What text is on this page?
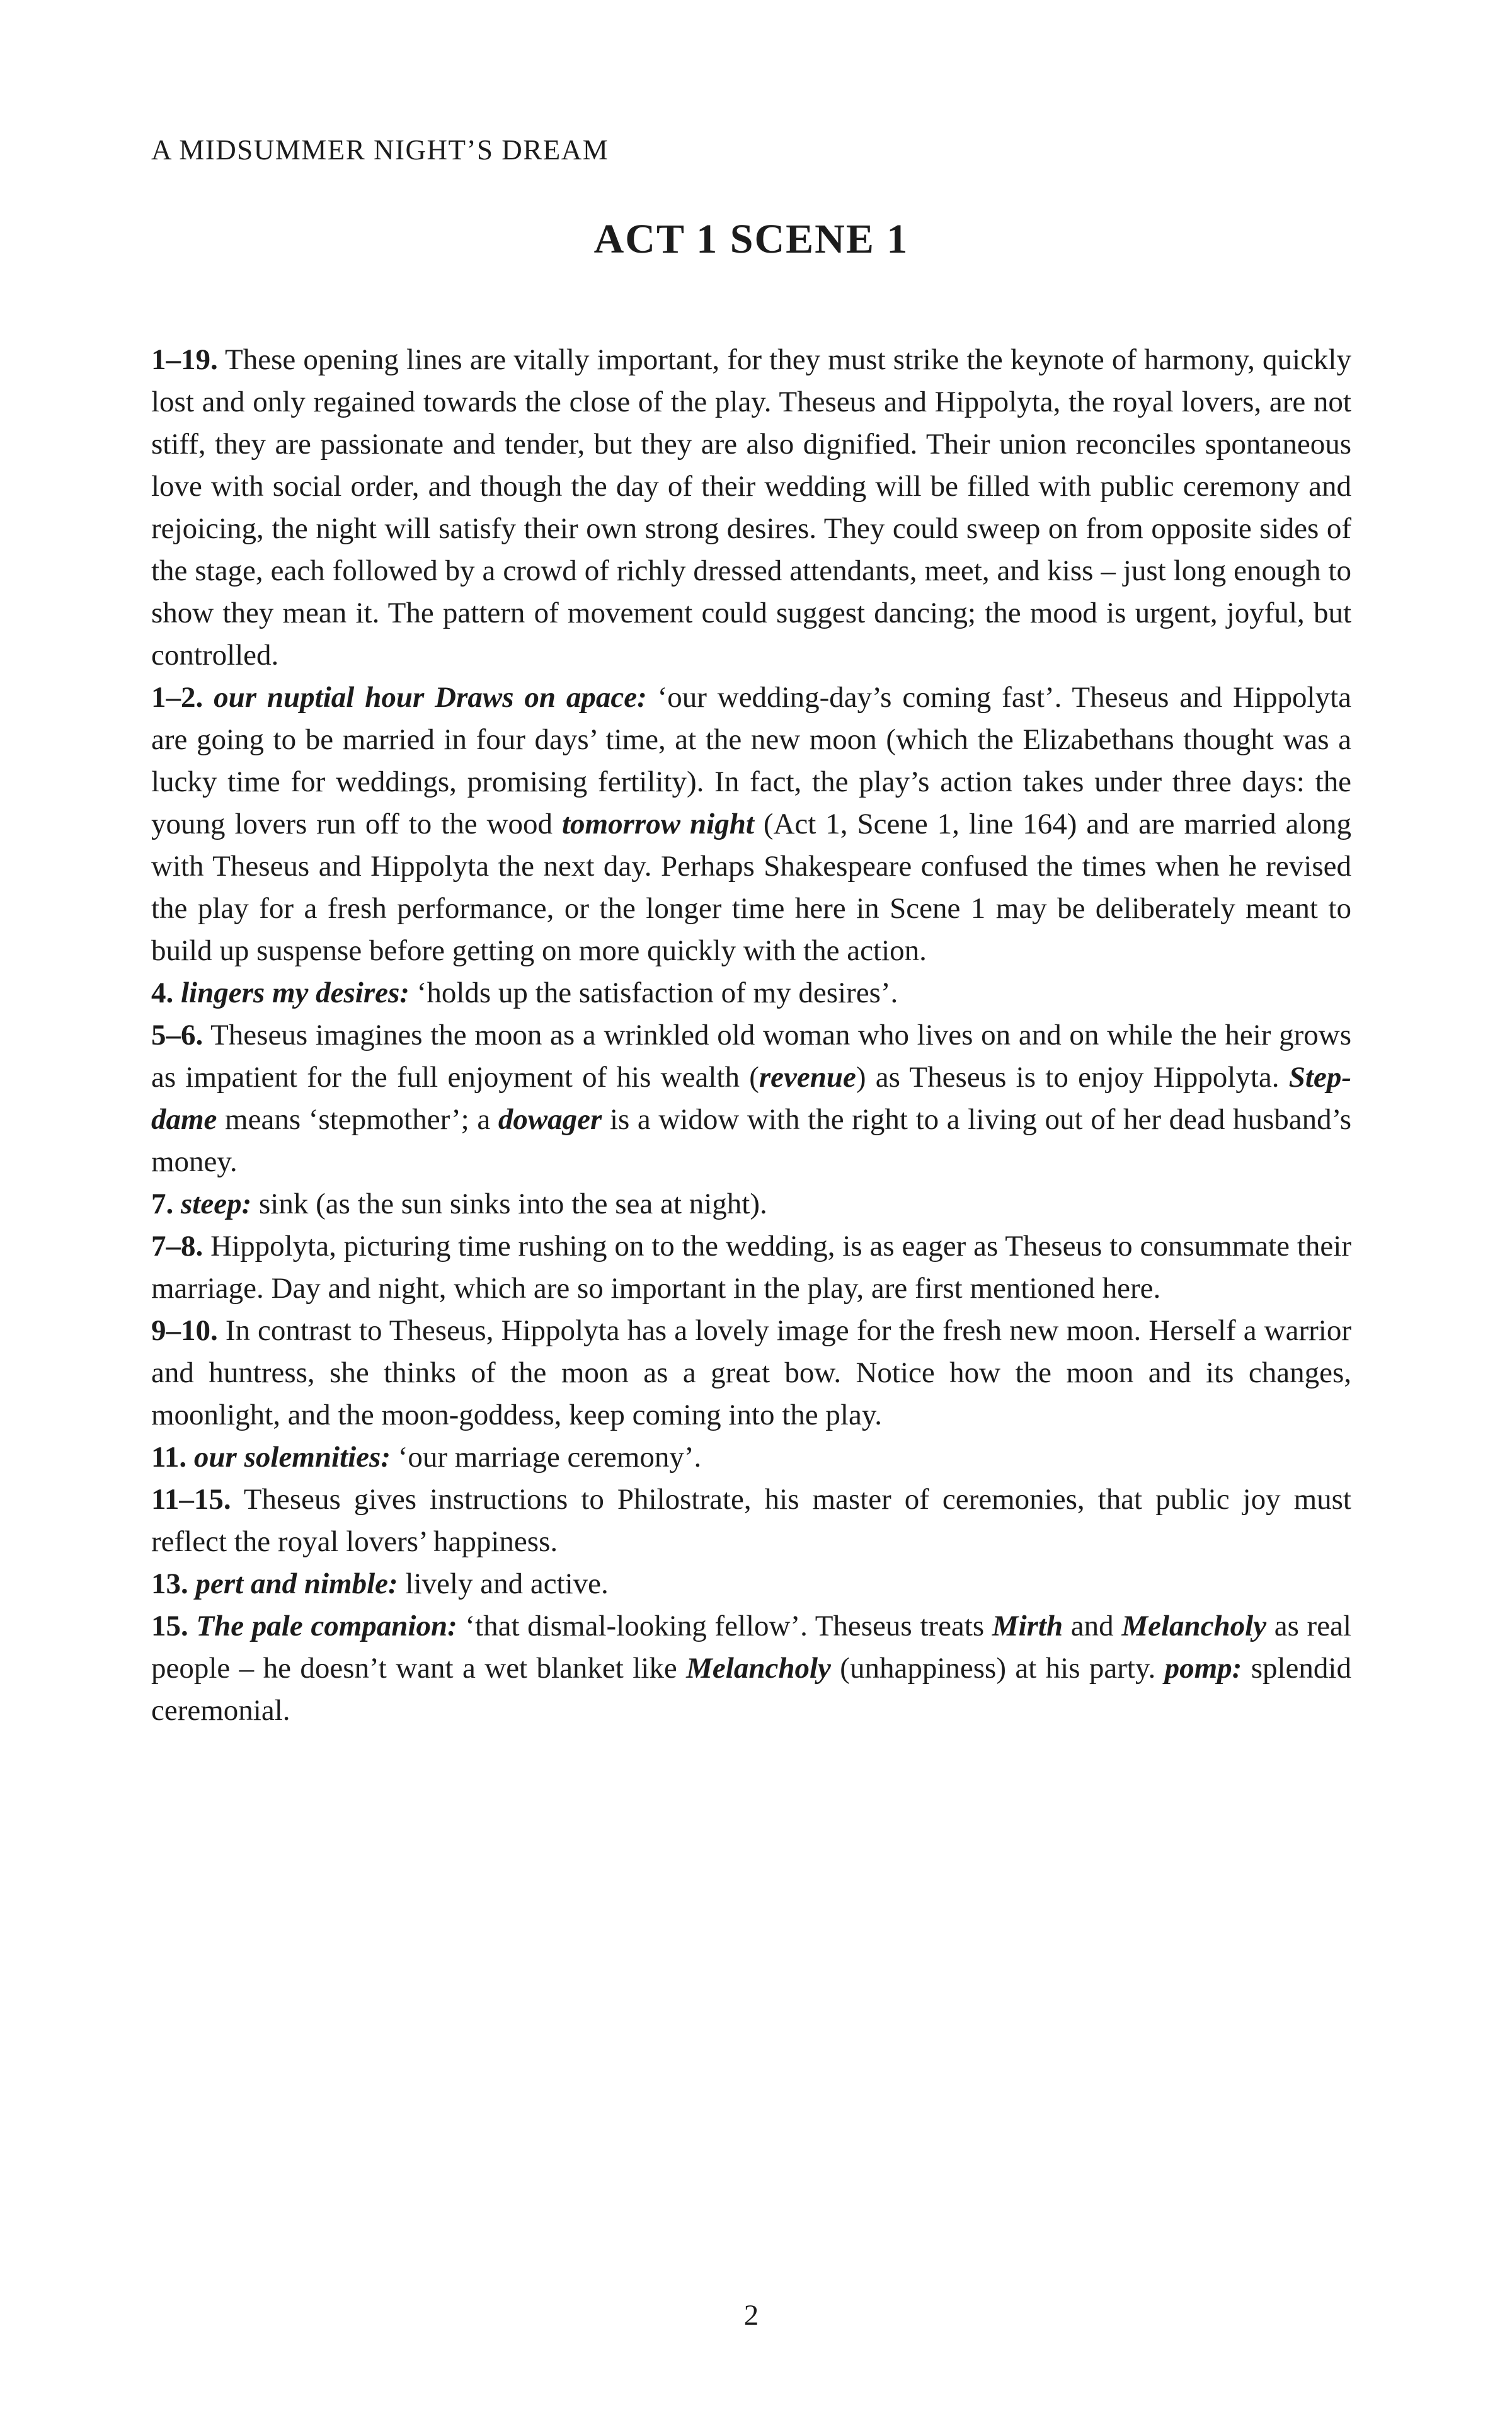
A MIDSUMMER NIGHT’S DREAM

ACT 1 SCENE 1

1–19. These opening lines are vitally important, for they must strike the keynote of harmony, quickly lost and only regained towards the close of the play. Theseus and Hippolyta, the royal lovers, are not stiff, they are passionate and tender, but they are also dignified. Their union reconciles spontaneous love with social order, and though the day of their wedding will be filled with public ceremony and rejoicing, the night will satisfy their own strong desires. They could sweep on from opposite sides of the stage, each followed by a crowd of richly dressed attendants, meet, and kiss – just long enough to show they mean it. The pattern of movement could suggest dancing; the mood is urgent, joyful, but controlled.

1–2. our nuptial hour Draws on apace: ‘our wedding-day’s coming fast’. Theseus and Hippolyta are going to be married in four days’ time, at the new moon (which the Elizabethans thought was a lucky time for weddings, promising fertility). In fact, the play’s action takes under three days: the young lovers run off to the wood tomorrow night (Act 1, Scene 1, line 164) and are married along with Theseus and Hippolyta the next day. Perhaps Shakespeare confused the times when he revised the play for a fresh performance, or the longer time here in Scene 1 may be deliberately meant to build up suspense before getting on more quickly with the action.

4. lingers my desires: ‘holds up the satisfaction of my desires’.

5–6. Theseus imagines the moon as a wrinkled old woman who lives on and on while the heir grows as impatient for the full enjoyment of his wealth (revenue) as Theseus is to enjoy Hippolyta. Step-dame means ‘stepmother’; a dowager is a widow with the right to a living out of her dead husband’s money.

7. steep: sink (as the sun sinks into the sea at night).

7–8. Hippolyta, picturing time rushing on to the wedding, is as eager as Theseus to consummate their marriage. Day and night, which are so important in the play, are first mentioned here.

9–10. In contrast to Theseus, Hippolyta has a lovely image for the fresh new moon. Herself a warrior and huntress, she thinks of the moon as a great bow. Notice how the moon and its changes, moonlight, and the moon-goddess, keep coming into the play.

11. our solemnities: ‘our marriage ceremony’.

11–15. Theseus gives instructions to Philostrate, his master of ceremonies, that public joy must reflect the royal lovers’ happiness.

13. pert and nimble: lively and active.

15. The pale companion: ‘that dismal-looking fellow’. Theseus treats Mirth and Melancholy as real people – he doesn’t want a wet blanket like Melancholy (unhappiness) at his party. pomp: splendid ceremonial.

2
